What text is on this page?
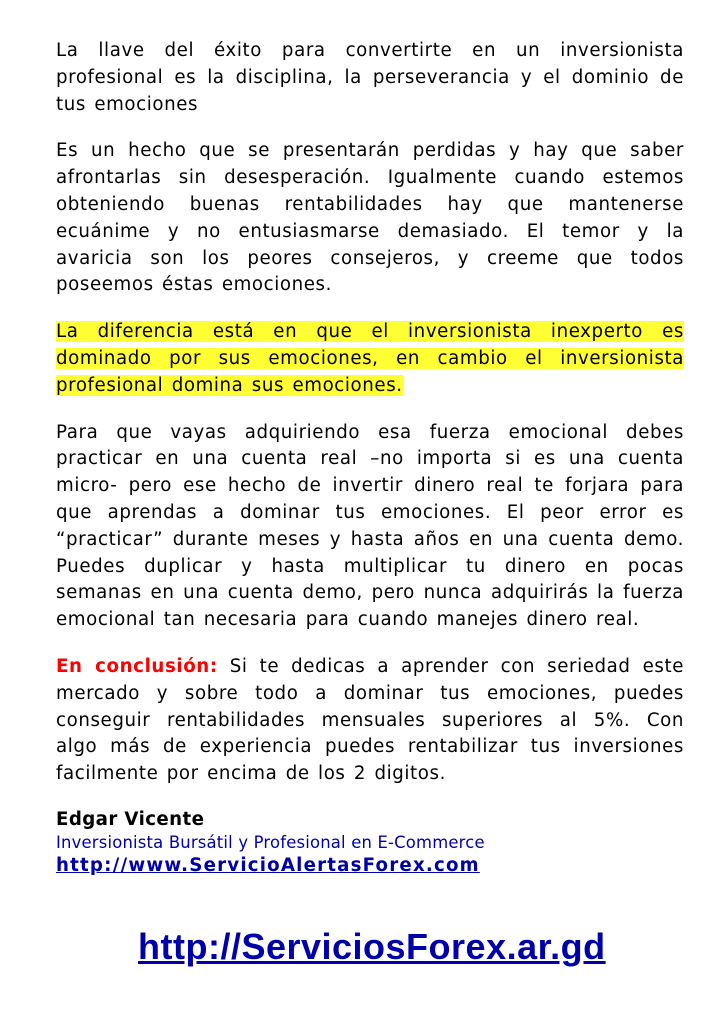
La llave del éxito para convertirte en un inversionista profesional es la disciplina, la perseverancia y el dominio de tus emociones

Es un hecho que se presentarán perdidas y hay que saber afrontarlas sin desesperación. Igualmente cuando estemos obteniendo buenas rentabilidades hay que mantenerse ecuánime y no entusiasmarse demasiado. El temor y la avaricia son los peores consejeros, y creeme que todos poseemos éstas emociones.

La diferencia está en que el inversionista inexperto es dominado por sus emociones, en cambio el inversionista profesional domina sus emociones.

Para que vayas adquiriendo esa fuerza emocional debes practicar en una cuenta real –no importa si es una cuenta micro- pero ese hecho de invertir dinero real te forjara para que aprendas a dominar tus emociones. El peor error es “practicar” durante meses y hasta años en una cuenta demo. Puedes duplicar y hasta multiplicar tu dinero en pocas semanas en una cuenta demo, pero nunca adquirirás la fuerza emocional tan necesaria para cuando manejes dinero real.

En conclusión: Si te dedicas a aprender con seriedad este mercado y sobre todo a dominar tus emociones, puedes conseguir rentabilidades mensuales superiores al 5%. Con algo más de experiencia puedes rentabilizar tus inversiones facilmente por encima de los 2 digitos.

Edgar Vicente
Inversionista Bursátil y Profesional en E-Commerce
http://www.ServicioAlertasForex.com
http://ServiciosForex.ar.gd
